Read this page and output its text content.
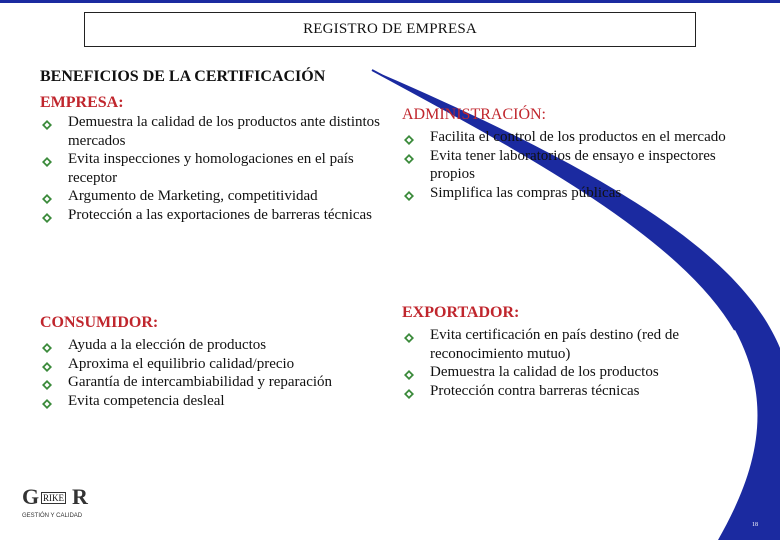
REGISTRO DE EMPRESA
BENEFICIOS DE LA CERTIFICACIÓN
EMPRESA:
Demuestra la calidad de los productos ante distintos mercados
Evita inspecciones y homologaciones en el país receptor
Argumento de Marketing, competitividad
Protección a las exportaciones de barreras técnicas
ADMINISTRACIÓN:
Facilita el control de los productos en el mercado
Evita tener laboratorios de ensayo e inspectores propios
Simplifica las compras públicas
CONSUMIDOR:
Ayuda a la elección de productos
Aproxima el equilibrio calidad/precio
Garantía de intercambiabilidad y reparación
Evita competencia desleal
EXPORTADOR:
Evita certificación en país destino (red de reconocimiento mutuo)
Demuestra la calidad de los productos
Protección contra barreras técnicas
G RIKE R
GESTIÓN Y CALIDAD
18
